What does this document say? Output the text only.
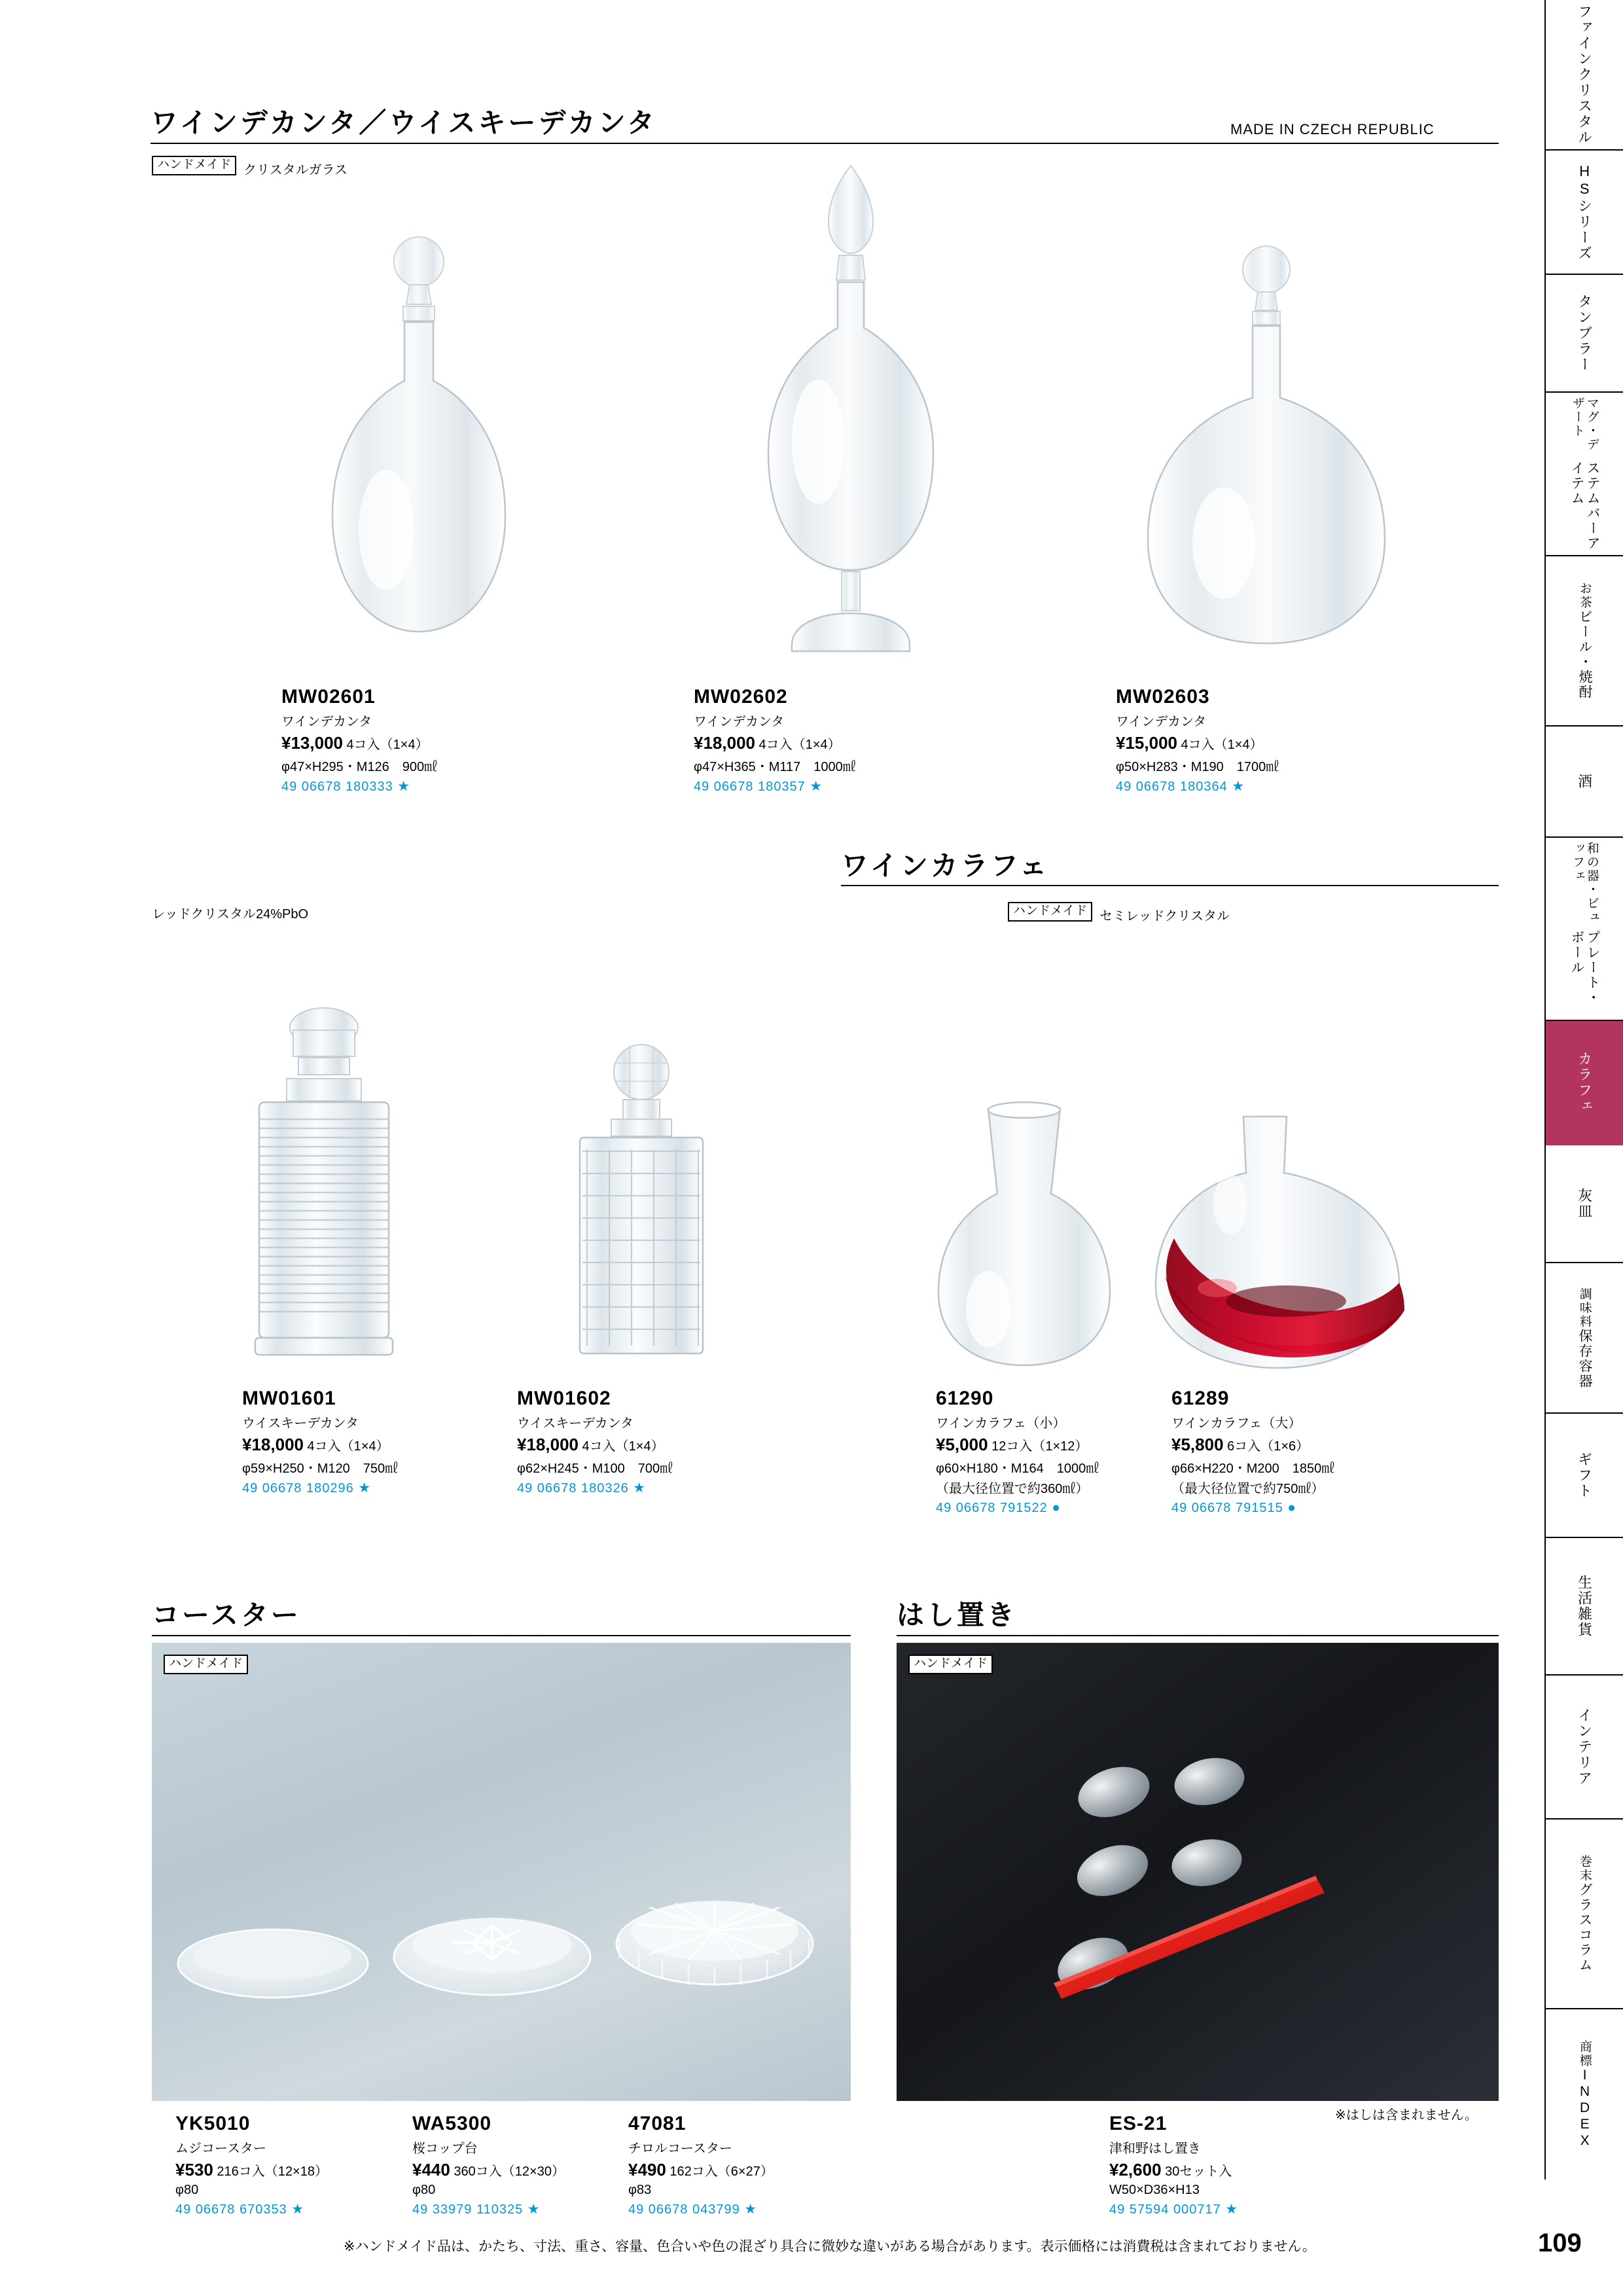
ファインクリスタル
HSシリーズ
タンブラー
ステムバーアイテム
マグ・デザート
ビール・焼酎
お茶
酒
プレート・ボール
和の器・ビュッフェ
カラフェ
灰皿
保存容器
調味料
ギフト
生活雑貨
インテリア
グラスコラム
巻末
INDEX
商標
ワインデカンタ／ウイスキーデカンタ	MADE IN CZECH REPUBLIC
ハンドメイド クリスタルガラス
MW02601
ワインデカンタ
¥13,000 4コ入（1×4）
φ47×H295・M126　900㎖
49 06678 180333 ★
MW02602
ワインデカンタ
¥18,000 4コ入（1×4）
φ47×H365・M117　1000㎖
49 06678 180357 ★
MW02603
ワインデカンタ
¥15,000 4コ入（1×4）
φ50×H283・M190　1700㎖
49 06678 180364 ★
ワインカラフェ
ハンドメイド セミレッドクリスタル
レッドクリスタル24%PbO
MW01601
ウイスキーデカンタ
¥18,000 4コ入（1×4）
φ59×H250・M120　750㎖
49 06678 180296 ★
MW01602
ウイスキーデカンタ
¥18,000 4コ入（1×4）
φ62×H245・M100　700㎖
49 06678 180326 ★
61290
ワインカラフェ（小）
¥5,000 12コ入（1×12）
φ60×H180・M164　1000㎖
（最大径位置で約360㎖）
49 06678 791522 ●
61289
ワインカラフェ（大）
¥5,800 6コ入（1×6）
φ66×H220・M200　1850㎖
（最大径位置で約750㎖）
49 06678 791515 ●
コースター
ハンドメイド
はし置き
ハンドメイド
※はしは含まれません。
YK5010
ムジコースター
¥530 216コ入（12×18）
φ80
49 06678 670353 ★
WA5300
桜コップ台
¥440 360コ入（12×30）
φ80
49 33979 110325 ★
47081
チロルコースター
¥490 162コ入（6×27）
φ83
49 06678 043799 ★
ES-21
津和野はし置き
¥2,600 30セット入
W50×D36×H13
49 57594 000717 ★
※ハンドメイド品は、かたち、寸法、重さ、容量、色合いや色の混ざり具合に微妙な違いがある場合があります。表示価格には消費税は含まれておりません。	109
